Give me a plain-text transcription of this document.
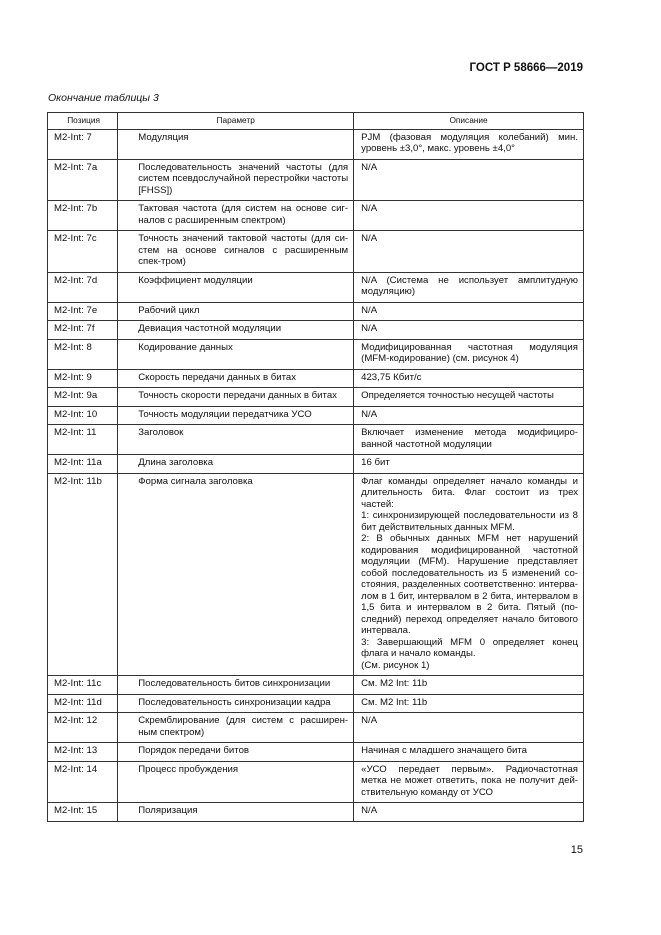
ГОСТ Р 58666—2019
Окончание таблицы 3
Позиция	Параметр	Описание
M2-Int: 7	Модуляция	PJM (фазовая модуляция колебаний) мин. уровень ±3,0°, макс. уровень ±4,0°

M2-Int: 7a	Последовательность значений частоты (для систем псевдослучайной перестройки частоты [FHSS])	N/A

M2-Int: 7b	Тактовая частота (для систем на основе сиг-налов с расширенным спектром)	N/A

M2-Int: 7c	Точность значений тактовой частоты (для си-стем на основе сигналов с расширенным спек-тром)	N/A

M2-Int: 7d	Коэффициент модуляции	N/A (Система не использует амплитудную модуляцию)

M2-Int: 7e	Рабочий цикл	N/A

M2-Int: 7f	Девиация частотной модуляции	N/A

M2-Int: 8	Кодирование данных	Модифицированная частотная модуляция (MFM-кодирование) (см. рисунок 4)

M2-Int: 9	Скорость передачи данных в битах	423,75 Кбит/с

M2-Int: 9a	Точность скорости передачи данных в битах	Определяется точностью несущей частоты

M2-Int: 10	Точность модуляции передатчика УСО	N/A

M2-Int: 11	Заголовок	Включает изменение метода модифициро-ванной частотной модуляции

M2-Int: 11a	Длина заголовка	16 бит

M2-Int: 11b	Форма сигнала заголовка	Флаг команды определяет начало команды и длительность бита. Флаг состоит из трех частей:
1: синхронизирующей последовательности из 8 бит действительных данных MFM.
2: В обычных данных MFM нет нарушений кодирования модифицированной частотной модуляции (MFM). Нарушение представляет собой последовательность из 5 изменений со-стояния, разделенных соответственно: интерва-лом в 1 бит, интервалом в 2 бита, интервалом в 1,5 бита и интервалом в 2 бита. Пятый (по-следний) переход определяет начало битового интервала.
3: Завершающий MFM 0 определяет конец флага и начало команды.
(См. рисунок 1)

M2-Int: 11c	Последовательность битов синхронизации	См. M2 Int: 11b

M2-Int: 11d	Последовательность синхронизации кадра	См. M2 Int: 11b

M2-Int: 12	Скремблирование (для систем с расширен-ным спектром)	N/A

M2-Int: 13	Порядок передачи битов	Начиная с младшего значащего бита

M2-Int: 14	Процесс пробуждения	«УСО передает первым». Радиочастотная метка не может ответить, пока не получит дей-ствительную команду от УСО

M2-Int: 15	Поляризация	N/A
15
